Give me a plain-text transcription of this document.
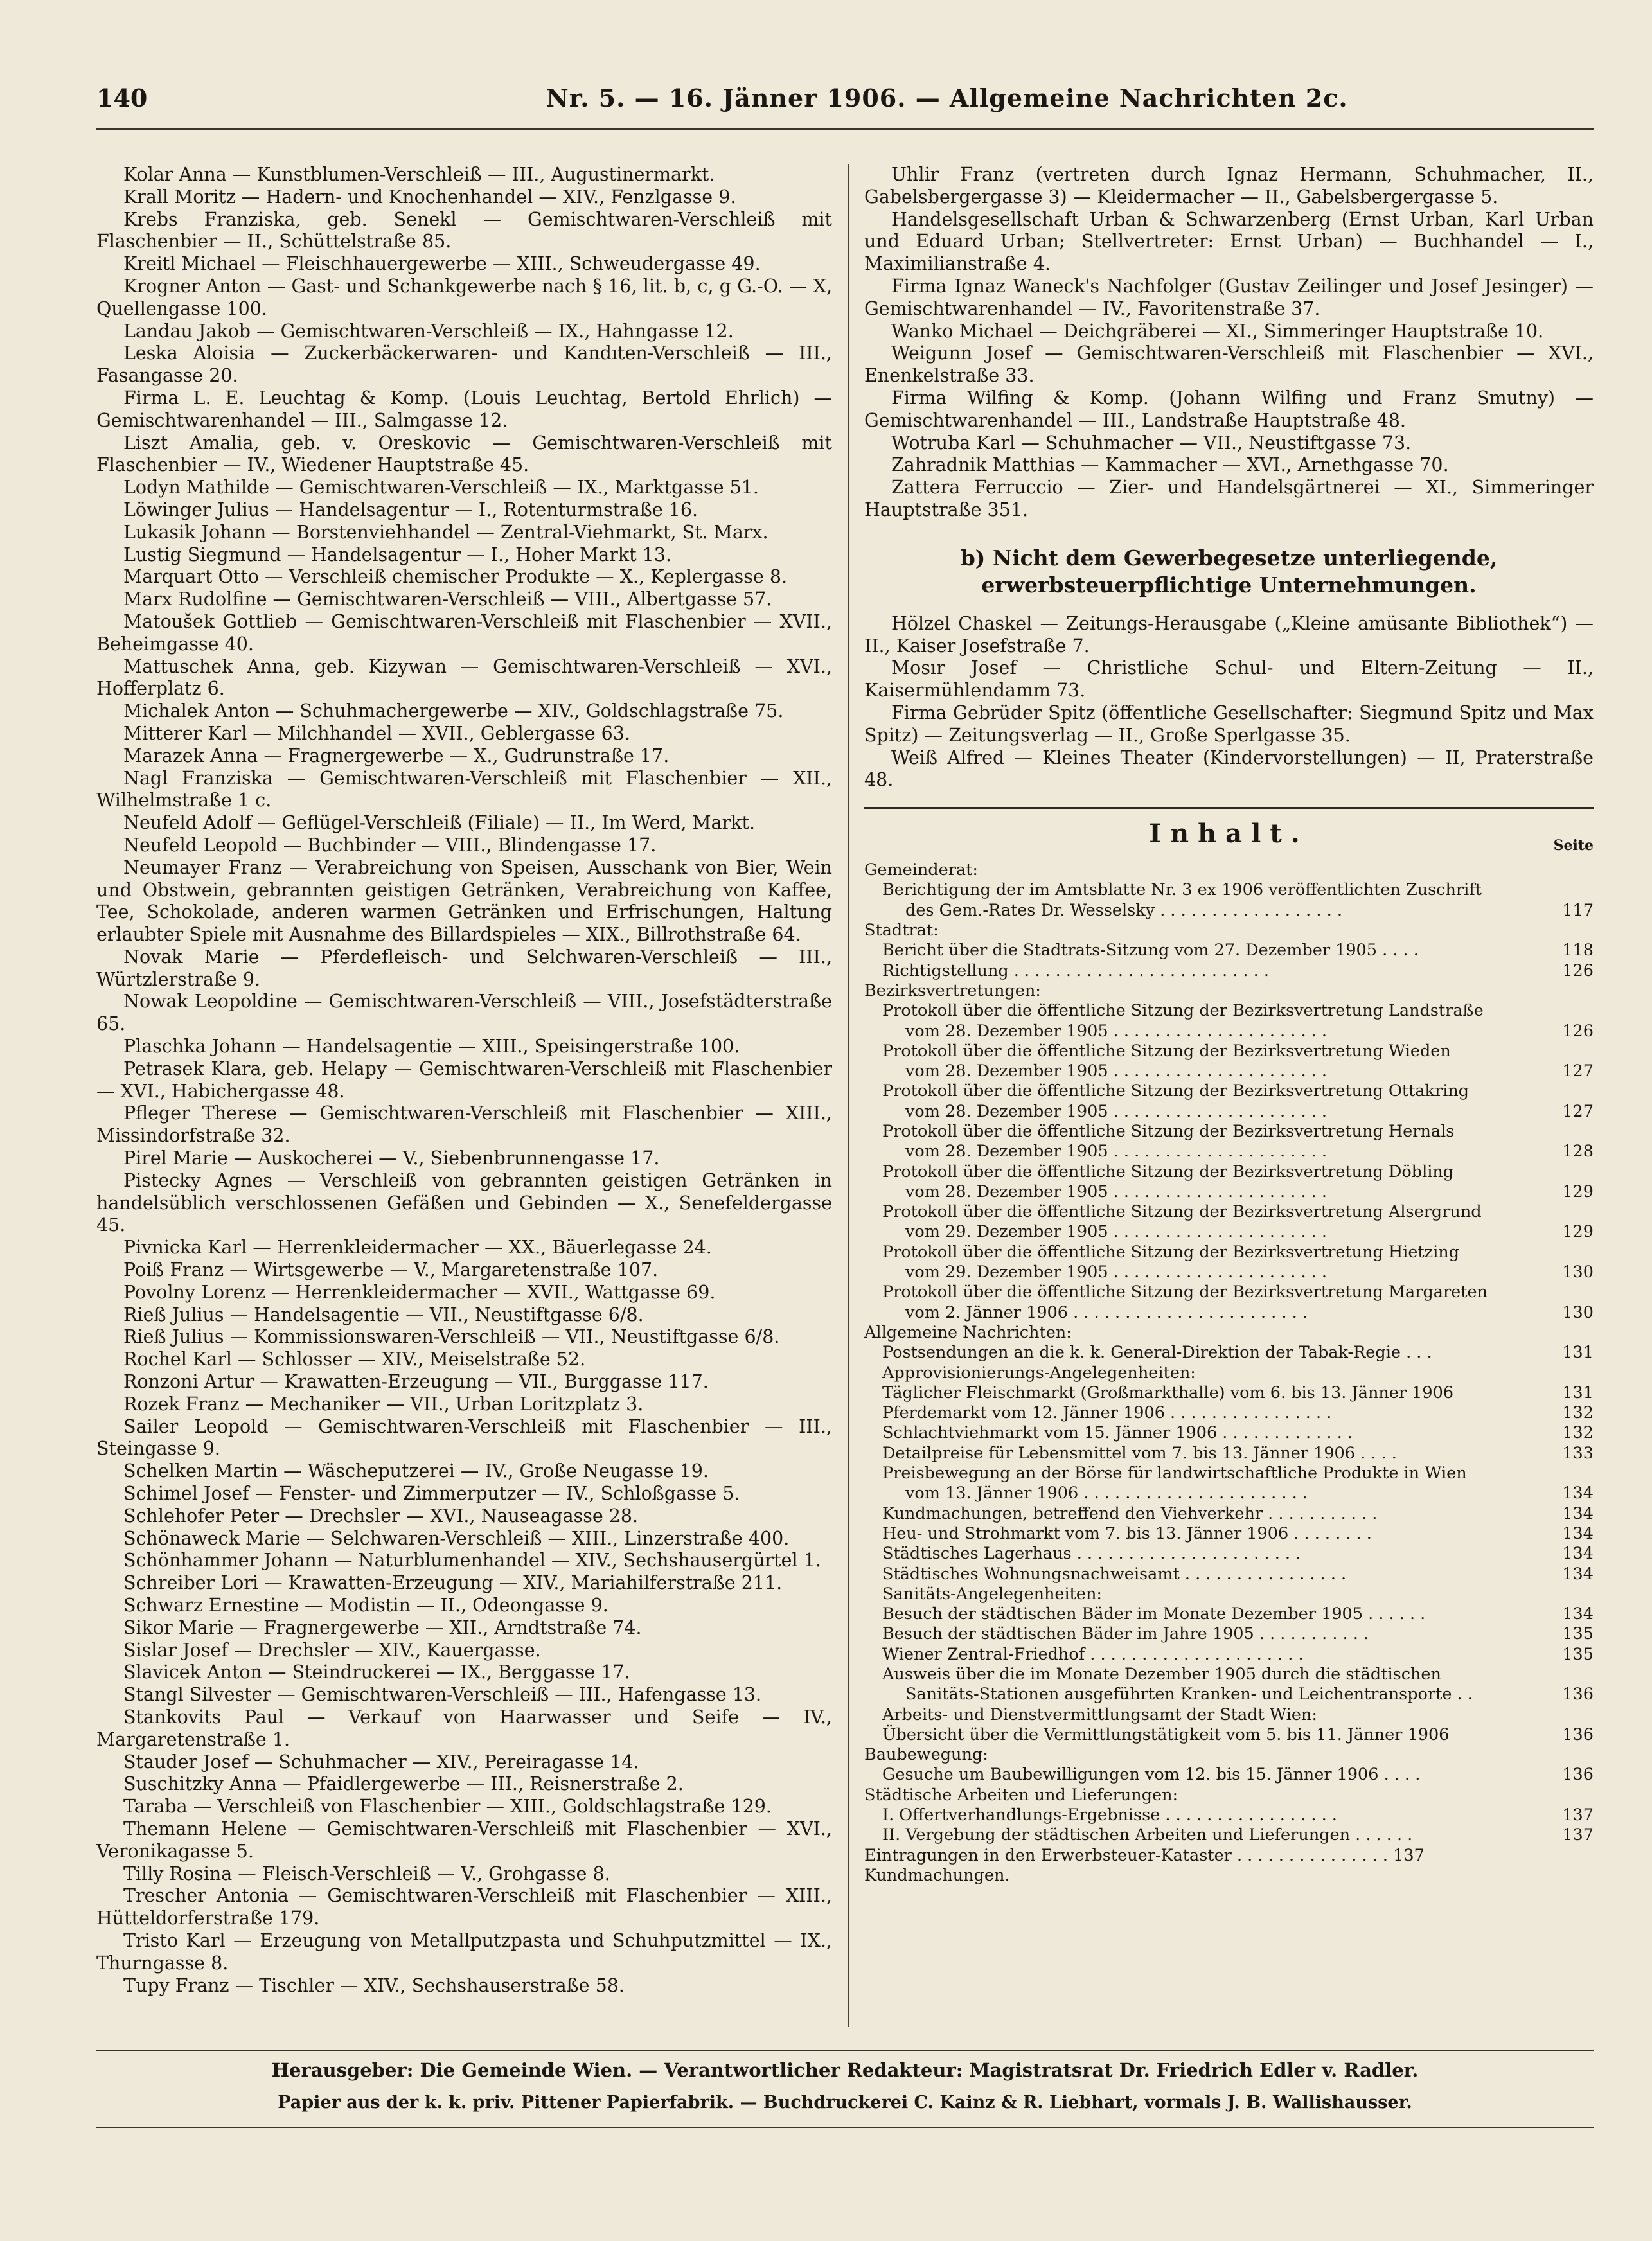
140	Nr. 5. — 16. Jänner 1906. — Allgemeine Nachrichten 2c.

Kolar Anna — Kunstblumen-Verschleiß — III., Augustinermarkt.

Krall Moritz — Hadern- und Knochenhandel — XIV., Fenzlgasse 9.

Krebs Franziska, geb. Senekl — Gemischtwaren-Verschleiß mit Flaschenbier — II., Schüttelstraße 85.

Kreitl Michael — Fleischhauergewerbe — XIII., Schweudergasse 49.

Krogner Anton — Gast- und Schankgewerbe nach § 16, lit. b, c, g G.-O. — X, Quellengasse 100.

Landau Jakob — Gemischtwaren-Verschleiß — IX., Hahngasse 12.

Leska Aloisia — Zuckerbäckerwaren- und Kandıten-Verschleiß — III., Fasangasse 20.

Firma L. E. Leuchtag & Komp. (Louis Leuchtag, Bertold Ehrlich) — Gemischtwarenhandel — III., Salmgasse 12.

Liszt Amalia, geb. v. Oreskovic — Gemischtwaren-Verschleiß mit Flaschenbier — IV., Wiedener Hauptstraße 45.

Lodyn Mathilde — Gemischtwaren-Verschleiß — IX., Marktgasse 51.

Löwinger Julius — Handelsagentur — I., Rotenturmstraße 16.

Lukasik Johann — Borstenviehhandel — Zentral-Viehmarkt, St. Marx.

Lustig Siegmund — Handelsagentur — I., Hoher Markt 13.

Marquart Otto — Verschleiß chemischer Produkte — X., Keplergasse 8.

Marx Rudolfine — Gemischtwaren-Verschleiß — VIII., Albertgasse 57.

Matoušek Gottlieb — Gemischtwaren-Verschleiß mit Flaschenbier — XVII., Beheimgasse 40.

Mattuschek Anna, geb. Kizywan — Gemischtwaren-Verschleiß — XVI., Hofferplatz 6.

Michalek Anton — Schuhmachergewerbe — XIV., Goldschlagstraße 75.

Mitterer Karl — Milchhandel — XVII., Geblergasse 63.

Marazek Anna — Fragnergewerbe — X., Gudrunstraße 17.

Nagl Franziska — Gemischtwaren-Verschleiß mit Flaschenbier — XII., Wilhelmstraße 1 c.

Neufeld Adolf — Geflügel-Verschleiß (Filiale) — II., Im Werd, Markt.

Neufeld Leopold — Buchbinder — VIII., Blindengasse 17.

Neumayer Franz — Verabreichung von Speisen, Ausschank von Bier, Wein und Obstwein, gebrannten geistigen Getränken, Verabreichung von Kaffee, Tee, Schokolade, anderen warmen Getränken und Erfrischungen, Haltung erlaubter Spiele mit Ausnahme des Billardspieles — XIX., Billrothstraße 64.

Novak Marie — Pferdefleisch- und Selchwaren-Verschleiß — III., Würtzlerstraße 9.

Nowak Leopoldine — Gemischtwaren-Verschleiß — VIII., Josefstädterstraße 65.

Plaschka Johann — Handelsagentie — XIII., Speisingerstraße 100.

Petrasek Klara, geb. Helapy — Gemischtwaren-Verschleiß mit Flaschenbier — XVI., Habichergasse 48.

Pfleger Therese — Gemischtwaren-Verschleiß mit Flaschenbier — XIII., Missindorfstraße 32.

Pirel Marie — Auskocherei — V., Siebenbrunnengasse 17.

Pistecky Agnes — Verschleiß von gebrannten geistigen Getränken in handelsüblich verschlossenen Gefäßen und Gebinden — X., Senefeldergasse 45.

Pivnicka Karl — Herrenkleidermacher — XX., Bäuerlegasse 24.

Poiß Franz — Wirtsgewerbe — V., Margaretenstraße 107.

Povolny Lorenz — Herrenkleidermacher — XVII., Wattgasse 69.

Rieß Julius — Handelsagentie — VII., Neustiftgasse 6/8.

Rieß Julius — Kommissionswaren-Verschleiß — VII., Neustiftgasse 6/8.

Rochel Karl — Schlosser — XIV., Meiselstraße 52.

Ronzoni Artur — Krawatten-Erzeugung — VII., Burggasse 117.

Rozek Franz — Mechaniker — VII., Urban Loritzplatz 3.

Sailer Leopold — Gemischtwaren-Verschleiß mit Flaschenbier — III., Steingasse 9.

Schelken Martin — Wäscheputzerei — IV., Große Neugasse 19.

Schimel Josef — Fenster- und Zimmerputzer — IV., Schloßgasse 5.

Schlehofer Peter — Drechsler — XVI., Nauseagasse 28.

Schönaweck Marie — Selchwaren-Verschleiß — XIII., Linzerstraße 400.

Schönhammer Johann — Naturblumenhandel — XIV., Sechshausergürtel 1.

Schreiber Lori — Krawatten-Erzeugung — XIV., Mariahilferstraße 211.

Schwarz Ernestine — Modistin — II., Odeongasse 9.

Sikor Marie — Fragnergewerbe — XII., Arndtstraße 74.

Sislar Josef — Drechsler — XIV., Kauergasse.

Slavicek Anton — Steindruckerei — IX., Berggasse 17.

Stangl Silvester — Gemischtwaren-Verschleiß — III., Hafengasse 13.

Stankovits Paul — Verkauf von Haarwasser und Seife — IV., Margaretenstraße 1.

Stauder Josef — Schuhmacher — XIV., Pereiragasse 14.

Suschitzky Anna — Pfaidlergewerbe — III., Reisnerstraße 2.

Taraba — Verschleiß von Flaschenbier — XIII., Goldschlagstraße 129.

Themann Helene — Gemischtwaren-Verschleiß mit Flaschenbier — XVI., Veronikagasse 5.

Tilly Rosina — Fleisch-Verschleiß — V., Grohgasse 8.

Trescher Antonia — Gemischtwaren-Verschleiß mit Flaschenbier — XIII., Hütteldorferstraße 179.

Tristo Karl — Erzeugung von Metallputzpasta und Schuhputzmittel — IX., Thurngasse 8.

Tupy Franz — Tischler — XIV., Sechshauserstraße 58.

Uhlir Franz (vertreten durch Ignaz Hermann, Schuhmacher, II., Gabelsbergergasse 3) — Kleidermacher — II., Gabelsbergergasse 5.

Handelsgesellschaft Urban & Schwarzenberg (Ernst Urban, Karl Urban und Eduard Urban; Stellvertreter: Ernst Urban) — Buchhandel — I., Maximilianstraße 4.

Firma Ignaz Waneck's Nachfolger (Gustav Zeilinger und Josef Jesinger) — Gemischtwarenhandel — IV., Favoritenstraße 37.

Wanko Michael — Deichgräberei — XI., Simmeringer Hauptstraße 10.

Weigunn Josef — Gemischtwaren-Verschleiß mit Flaschenbier — XVI., Enenkelstraße 33.

Firma Wilfing & Komp. (Johann Wilfing und Franz Smutny) — Gemischtwarenhandel — III., Landstraße Hauptstraße 48.

Wotruba Karl — Schuhmacher — VII., Neustiftgasse 73.

Zahradnik Matthias — Kammacher — XVI., Arnethgasse 70.

Zattera Ferruccio — Zier- und Handelsgärtnerei — XI., Simmeringer Hauptstraße 351.

b) Nicht dem Gewerbegesetze unterliegende, erwerbsteuerpflichtige Unternehmungen.

Hölzel Chaskel — Zeitungs-Herausgabe („Kleine amüsante Bibliothek“) — II., Kaiser Josefstraße 7.

Mosır Josef — Christliche Schul- und Eltern-Zeitung — II., Kaisermühlendamm 73.

Firma Gebrüder Spitz (öffentliche Gesellschafter: Siegmund Spitz und Max Spitz) — Zeitungsverlag — II., Große Sperlgasse 35.

Weiß Alfred — Kleines Theater (Kindervorstellungen) — II, Praterstraße 48.

Inhalt.	Seite
Gemeinderat:
Berichtigung der im Amtsblatte Nr. 3 ex 1906 veröffentlichten Zuschrift
des Gem.-Rates Dr. Wesselsky . . . . . . . . . . . . . . . . . .	117
Stadtrat:
Bericht über die Stadtrats-Sitzung vom 27. Dezember 1905 . . . .	118
Richtigstellung . . . . . . . . . . . . . . . . . . . . . . . . .	126
Bezirksvertretungen:
Protokoll über die öffentliche Sitzung der Bezirksvertretung Landstraße
vom 28. Dezember 1905 . . . . . . . . . . . . . . . . . . . . .	126
Protokoll über die öffentliche Sitzung der Bezirksvertretung Wieden
vom 28. Dezember 1905 . . . . . . . . . . . . . . . . . . . . .	127
Protokoll über die öffentliche Sitzung der Bezirksvertretung Ottakring
vom 28. Dezember 1905 . . . . . . . . . . . . . . . . . . . . .	127
Protokoll über die öffentliche Sitzung der Bezirksvertretung Hernals
vom 28. Dezember 1905 . . . . . . . . . . . . . . . . . . . . .	128
Protokoll über die öffentliche Sitzung der Bezirksvertretung Döbling
vom 28. Dezember 1905 . . . . . . . . . . . . . . . . . . . . .	129
Protokoll über die öffentliche Sitzung der Bezirksvertretung Alsergrund
vom 29. Dezember 1905 . . . . . . . . . . . . . . . . . . . . .	129
Protokoll über die öffentliche Sitzung der Bezirksvertretung Hietzing
vom 29. Dezember 1905 . . . . . . . . . . . . . . . . . . . . .	130
Protokoll über die öffentliche Sitzung der Bezirksvertretung Margareten
vom 2. Jänner 1906 . . . . . . . . . . . . . . . . . . . . . . .	130
Allgemeine Nachrichten:
Postsendungen an die k. k. General-Direktion der Tabak-Regie . . .	131
Approvisionierungs-Angelegenheiten:
Täglicher Fleischmarkt (Großmarkthalle) vom 6. bis 13. Jänner 1906	131
Pferdemarkt vom 12. Jänner 1906 . . . . . . . . . . . . . . . .	132
Schlachtviehmarkt vom 15. Jänner 1906 . . . . . . . . . . . . .	132
Detailpreise für Lebensmittel vom 7. bis 13. Jänner 1906 . . . .	133
Preisbewegung an der Börse für landwirtschaftliche Produkte in Wien
vom 13. Jänner 1906 . . . . . . . . . . . . . . . . . . . . . .	134
Kundmachungen, betreffend den Viehverkehr . . . . . . . . . . .	134
Heu- und Strohmarkt vom 7. bis 13. Jänner 1906 . . . . . . . .	134
Städtisches Lagerhaus . . . . . . . . . . . . . . . . . . . . . .	134
Städtisches Wohnungsnachweisamt . . . . . . . . . . . . . . . .	134
Sanitäts-Angelegenheiten:
Besuch der städtischen Bäder im Monate Dezember 1905 . . . . . .	134
Besuch der städtischen Bäder im Jahre 1905 . . . . . . . . . . .	135
Wiener Zentral-Friedhof . . . . . . . . . . . . . . . . . . . . .	135
Ausweis über die im Monate Dezember 1905 durch die städtischen
Sanitäts-Stationen ausgeführten Kranken- und Leichentransporte . .	136
Arbeits- und Dienstvermittlungsamt der Stadt Wien:
Übersicht über die Vermittlungstätigkeit vom 5. bis 11. Jänner 1906	136
Baubewegung:
Gesuche um Baubewilligungen vom 12. bis 15. Jänner 1906 . . . .	136
Städtische Arbeiten und Lieferungen:
I. Offertverhandlungs-Ergebnisse . . . . . . . . . . . . . . . . .	137
II. Vergebung der städtischen Arbeiten und Lieferungen . . . . . .	137
Eintragungen in den Erwerbsteuer-Kataster . . . . . . . . . . . . . . . 137
Kundmachungen.
Herausgeber: Die Gemeinde Wien. — Verantwortlicher Redakteur: Magistratsrat Dr. Friedrich Edler v. Radler.
Papier aus der k. k. priv. Pittener Papierfabrik. — Buchdruckerei C. Kainz & R. Liebhart, vormals J. B. Wallishausser.
